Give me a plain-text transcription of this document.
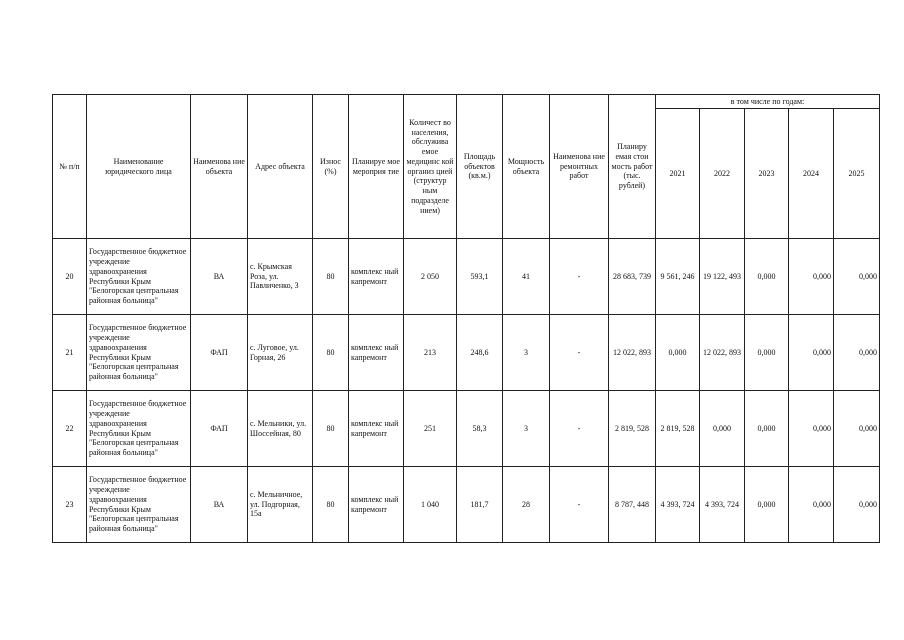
№ п/п	Наименование юридического лица	Наименова ние объекта	Адрес объекта	Износ (%)	Планируе мое мероприя тие	Количест во населения, обслужива емое медицинс кой организ цией (структур ным подразделе нием)	Площадь объектов (кв.м.)	Мощность объекта	Наименова ние ремонтных работ	Планиру емая стои мость работ (тыс. рублей)	в том числе по годам:				
											2021	2022	2023	2024	2025
20	Государственное бюджетное учреждение здравоохранения Республики Крым "Белогорская центральная районная больница"	ВА	с. Крымская Роза, ул. Павличенко, 3	80	комплекс ный капремонт	2 050	593,1	41	-	28 683, 739	9 561, 246	19 122, 493	0,000	0,000	0,000
21	Государственное бюджетное учреждение здравоохранения Республики Крым "Белогорская центральная районная больница"	ФАП	с. Луговое, ул. Горная, 26	80	комплекс ный капремонт	213	248,6	3	-	12 022, 893	0,000	12 022, 893	0,000	0,000	0,000
22	Государственное бюджетное учреждение здравоохранения Республики Крым "Белогорская центральная районная больница"	ФАП	с. Мельники, ул. Шоссейная, 80	80	комплекс ный капремонт	251	58,3	3	-	2 819, 528	2 819, 528	0,000	0,000	0,000	0,000
23	Государственное бюджетное учреждение здравоохранения Республики Крым "Белогорская центральная районная больница"	ВА	с. Мельничное, ул. Подгорная, 15а	80	комплекс ный капремонт	1 040	181,7	28	-	8 787, 448	4 393, 724	4 393, 724	0,000	0,000	0,000
